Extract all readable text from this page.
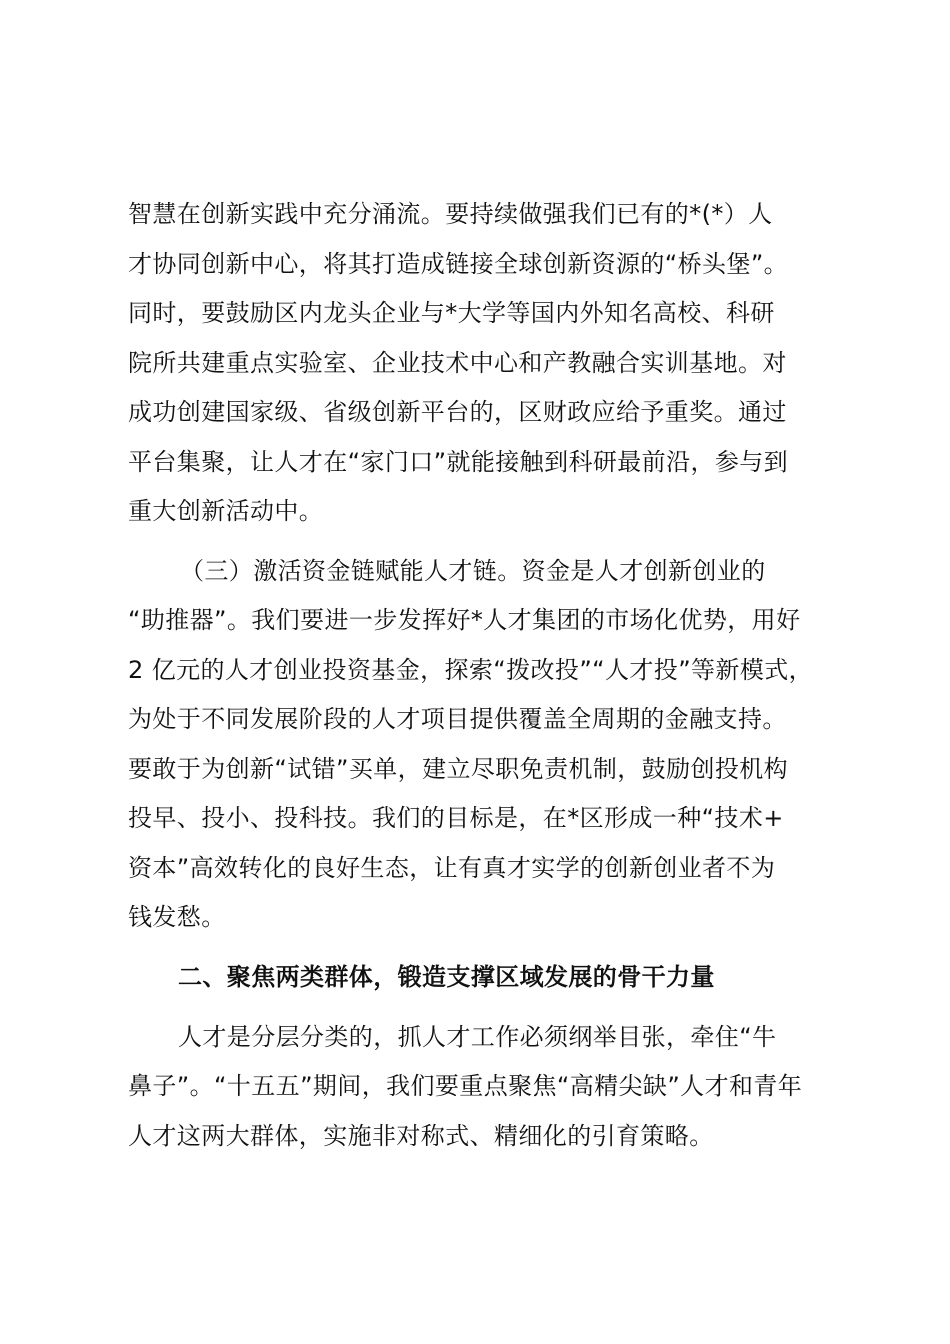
智慧在创新实践中充分涌流。要持续做强我们已有的*(*）人
才协同创新中心，将其打造成链接全球创新资源的“桥头堡”。
同时，要鼓励区内龙头企业与*大学等国内外知名高校、科研
院所共建重点实验室、企业技术中心和产教融合实训基地。对
成功创建国家级、省级创新平台的，区财政应给予重奖。通过
平台集聚，让人才在“家门口”就能接触到科研最前沿，参与到
重大创新活动中。
（三）激活资金链赋能人才链。资金是人才创新创业的
“助推器”。我们要进一步发挥好*人才集团的市场化优势，用好
2 亿元的人才创业投资基金，探索“拨改投”“人才投”等新模式，
为处于不同发展阶段的人才项目提供覆盖全周期的金融支持。
要敢于为创新“试错”买单，建立尽职免责机制，鼓励创投机构
投早、投小、投科技。我们的目标是，在*区形成一种“技术+
资本”高效转化的良好生态，让有真才实学的创新创业者不为
钱发愁。
二、聚焦两类群体，锻造支撑区域发展的骨干力量
人才是分层分类的，抓人才工作必须纲举目张，牵住“牛
鼻子”。“十五五”期间，我们要重点聚焦“高精尖缺”人才和青年
人才这两大群体，实施非对称式、精细化的引育策略。
